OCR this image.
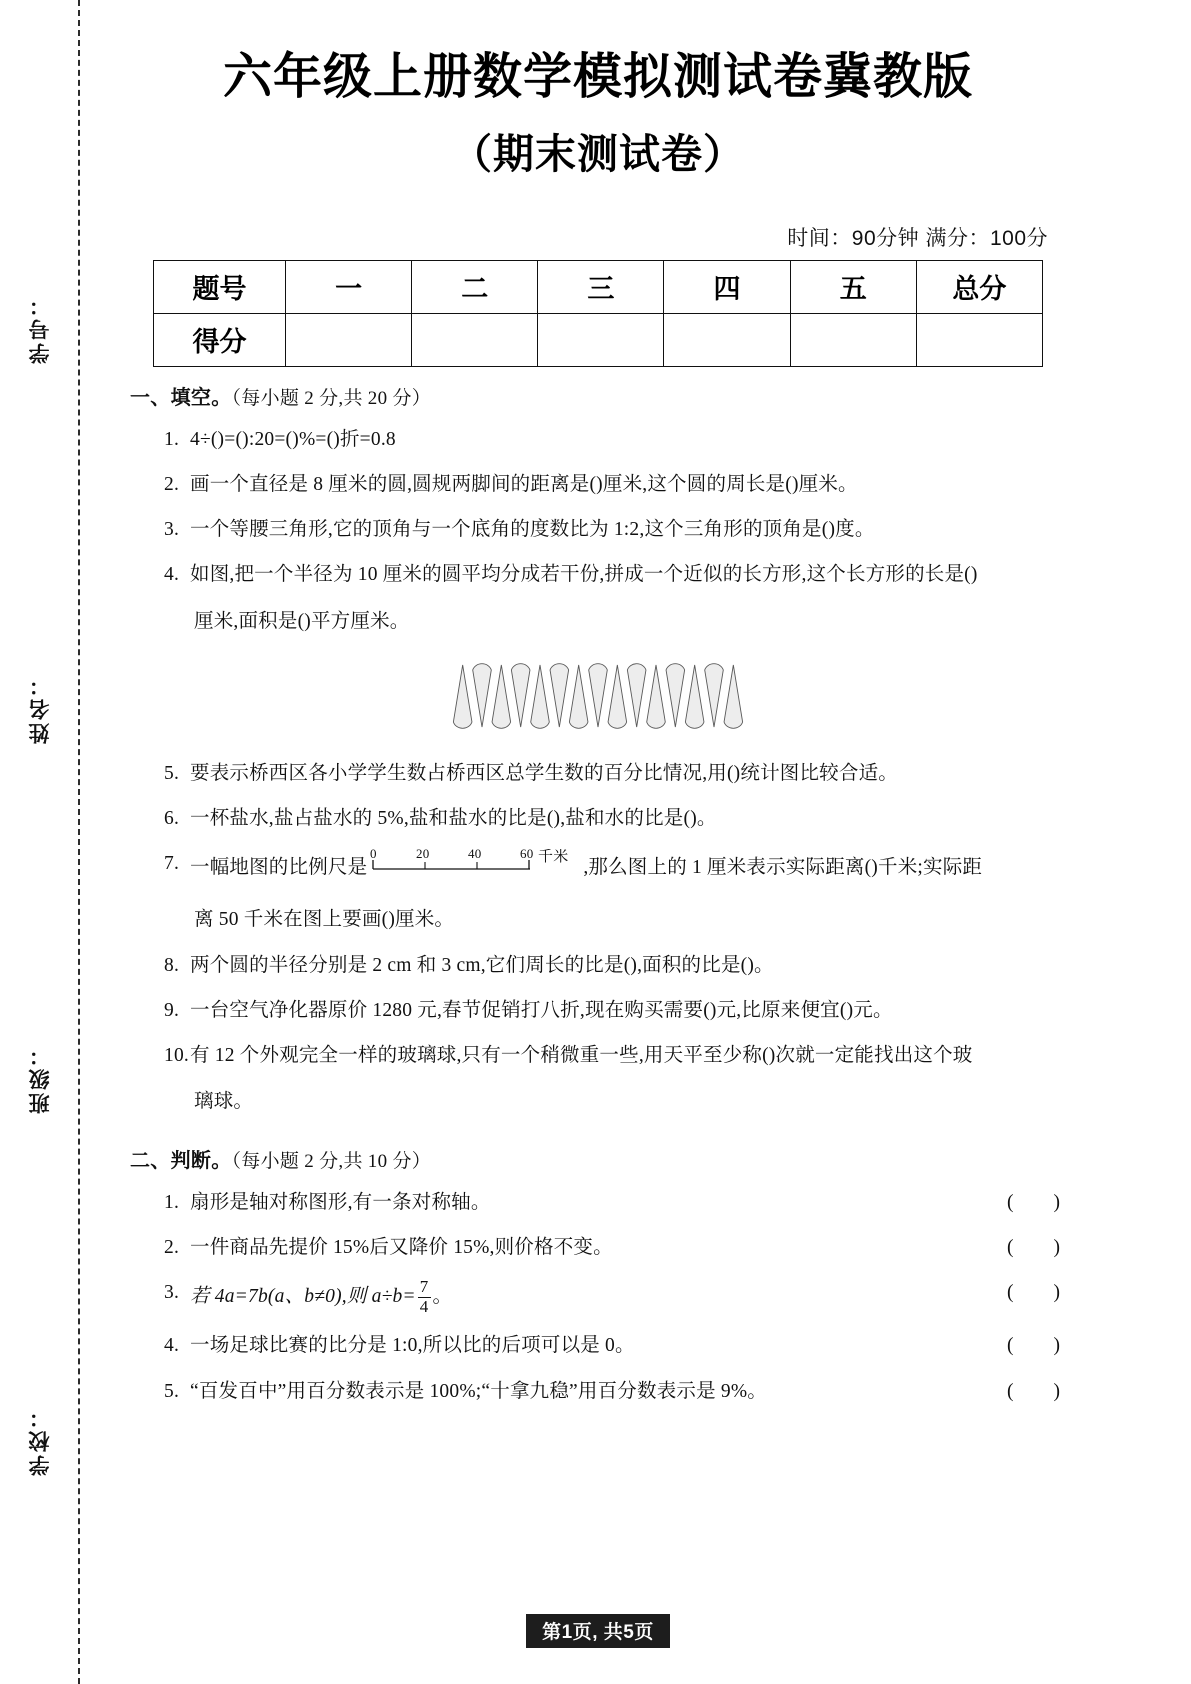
学号：
姓名：
班级：
学校：
六年级上册数学模拟测试卷冀教版
（期末测试卷）
时间：90分钟 满分：100分
题号	一	二	三	四	五	总分
得分						
一、填空。（每小题 2 分,共 20 分）
1. 4÷()=():20=()%=()折=0.8
2. 画一个直径是 8 厘米的圆,圆规两脚间的距离是()厘米,这个圆的周长是()厘米。
3. 一个等腰三角形,它的顶角与一个底角的度数比为 1:2,这个三角形的顶角是()度。
4. 如图,把一个半径为 10 厘米的圆平均分成若干份,拼成一个近似的长方形,这个长方形的长是()
厘米,面积是()平方厘米。
5. 要表示桥西区各小学学生数占桥西区总学生数的百分比情况,用()统计图比较合适。
6. 一杯盐水,盐占盐水的 5%,盐和盐水的比是(),盐和水的比是()。
7. 一幅地图的比例尺是
0	20	40	60 千米 ,那么图上的 1 厘米表示实际距离()千米;实际距
离 50 千米在图上要画()厘米。
8. 两个圆的半径分别是 2 cm 和 3 cm,它们周长的比是(),面积的比是()。
9. 一台空气净化器原价 1280 元,春节促销打八折,现在购买需要()元,比原来便宜()元。
10. 有 12 个外观完全一样的玻璃球,只有一个稍微重一些,用天平至少称()次就一定能找出这个玻
璃球。
二、判断。（每小题 2 分,共 10 分）
1. 扇形是轴对称图形,有一条对称轴。	( )
2. 一件商品先提价 15%后又降价 15%,则价格不变。	( )
3. 若 4a=7b(a、b≠0),则 $a\div b= \frac{7}{4}$ 。	( )
4. 一场足球比赛的比分是 1:0,所以比的后项可以是 0。	( )
5. “百发百中”用百分数表示是 100%;“十拿九稳”用百分数表示是 9%。	( )
第1页, 共5页
